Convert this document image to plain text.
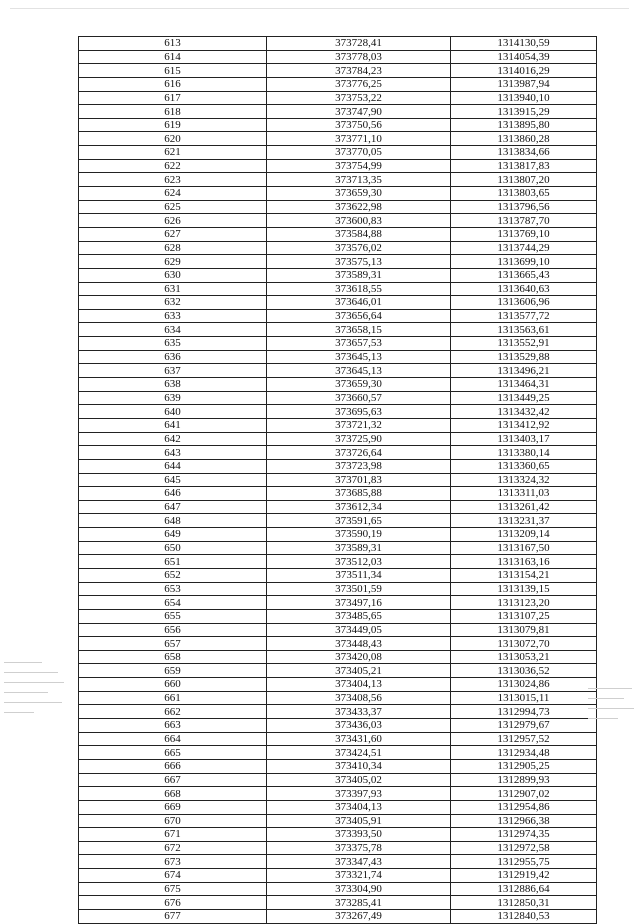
613	373728,41	1314130,59
614	373778,03	1314054,39
615	373784,23	1314016,29
616	373776,25	1313987,94
617	373753,22	1313940,10
618	373747,90	1313915,29
619	373750,56	1313895,80
620	373771,10	1313860,28
621	373770,05	1313834,66
622	373754,99	1313817,83
623	373713,35	1313807,20
624	373659,30	1313803,65
625	373622,98	1313796,56
626	373600,83	1313787,70
627	373584,88	1313769,10
628	373576,02	1313744,29
629	373575,13	1313699,10
630	373589,31	1313665,43
631	373618,55	1313640,63
632	373646,01	1313606,96
633	373656,64	1313577,72
634	373658,15	1313563,61
635	373657,53	1313552,91
636	373645,13	1313529,88
637	373645,13	1313496,21
638	373659,30	1313464,31
639	373660,57	1313449,25
640	373695,63	1313432,42
641	373721,32	1313412,92
642	373725,90	1313403,17
643	373726,64	1313380,14
644	373723,98	1313360,65
645	373701,83	1313324,32
646	373685,88	1313311,03
647	373612,34	1313261,42
648	373591,65	1313231,37
649	373590,19	1313209,14
650	373589,31	1313167,50
651	373512,03	1313163,16
652	373511,34	1313154,21
653	373501,59	1313139,15
654	373497,16	1313123,20
655	373485,65	1313107,25
656	373449,05	1313079,81
657	373448,43	1313072,70
658	373420,08	1313053,21
659	373405,21	1313036,52
660	373404,13	1313024,86
661	373408,56	1313015,11
662	373433,37	1312994,73
663	373436,03	1312979,67
664	373431,60	1312957,52
665	373424,51	1312934,48
666	373410,34	1312905,25
667	373405,02	1312899,93
668	373397,93	1312907,02
669	373404,13	1312954,86
670	373405,91	1312966,38
671	373393,50	1312974,35
672	373375,78	1312972,58
673	373347,43	1312955,75
674	373321,74	1312919,42
675	373304,90	1312886,64
676	373285,41	1312850,31
677	373267,49	1312840,53
